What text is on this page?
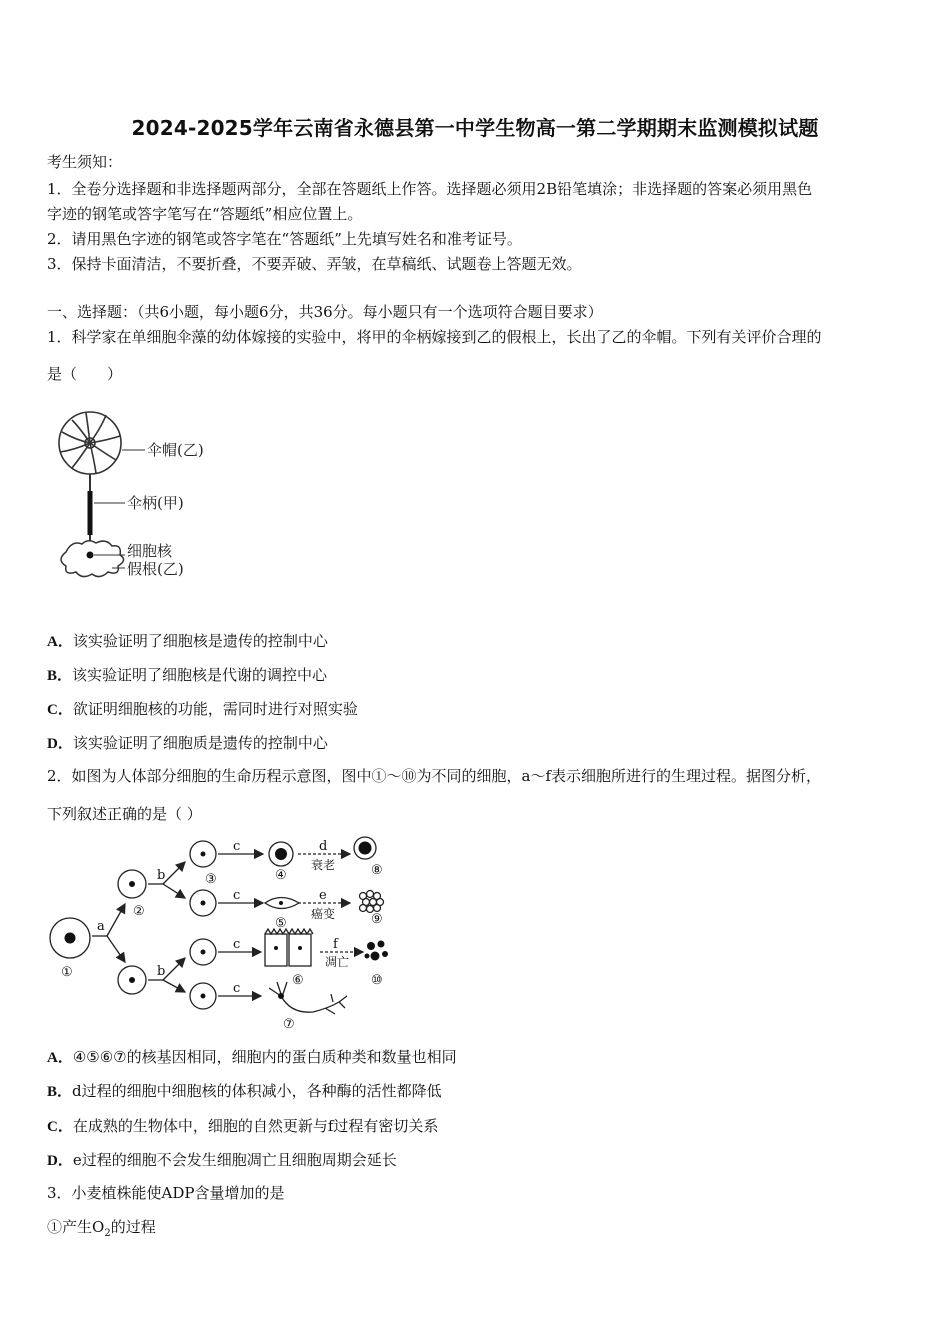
2024-2025学年云南省永德县第一中学生物高一第二学期期末监测模拟试题
考生须知：
1．全卷分选择题和非选择题两部分，全部在答题纸上作答。选择题必须用2B铅笔填涂；非选择题的答案必须用黑色
字迹的钢笔或答字笔写在“答题纸”相应位置上。
2．请用黑色字迹的钢笔或答字笔在“答题纸”上先填写姓名和准考证号。
3．保持卡面清洁，不要折叠，不要弄破、弄皱，在草稿纸、试题卷上答题无效。
一、选择题：（共6小题，每小题6分，共36分。每小题只有一个选项符合题目要求）
1．科学家在单细胞伞藻的幼体嫁接的实验中，将甲的伞柄嫁接到乙的假根上，长出了乙的伞帽。下列有关评价合理的
是（　　）
伞帽(乙)
伞柄(甲)
细胞核
假根(乙)
A．该实验证明了细胞核是遗传的控制中心
B．该实验证明了细胞核是代谢的调控中心
C．欲证明细胞核的功能，需同时进行对照实验
D．该实验证明了细胞质是遗传的控制中心
2．如图为人体部分细胞的生命历程示意图，图中①～⑩为不同的细胞，a～f表示细胞所进行的生理过程。据图分析，
下列叙述正确的是（ ）
a
b
b
c
c
c
c
d
e
f
衰老
癌变
凋亡
①
②
③	④
⑤
⑥
⑦
⑧
⑨
⑩
A．④⑤⑥⑦的核基因相同，细胞内的蛋白质种类和数量也相同
B．d过程的细胞中细胞核的体积减小，各种酶的活性都降低
C．在成熟的生物体中，细胞的自然更新与f过程有密切关系
D．e过程的细胞不会发生细胞凋亡且细胞周期会延长
3．小麦植株能使ADP含量增加的是
①产生$O_2$的过程
